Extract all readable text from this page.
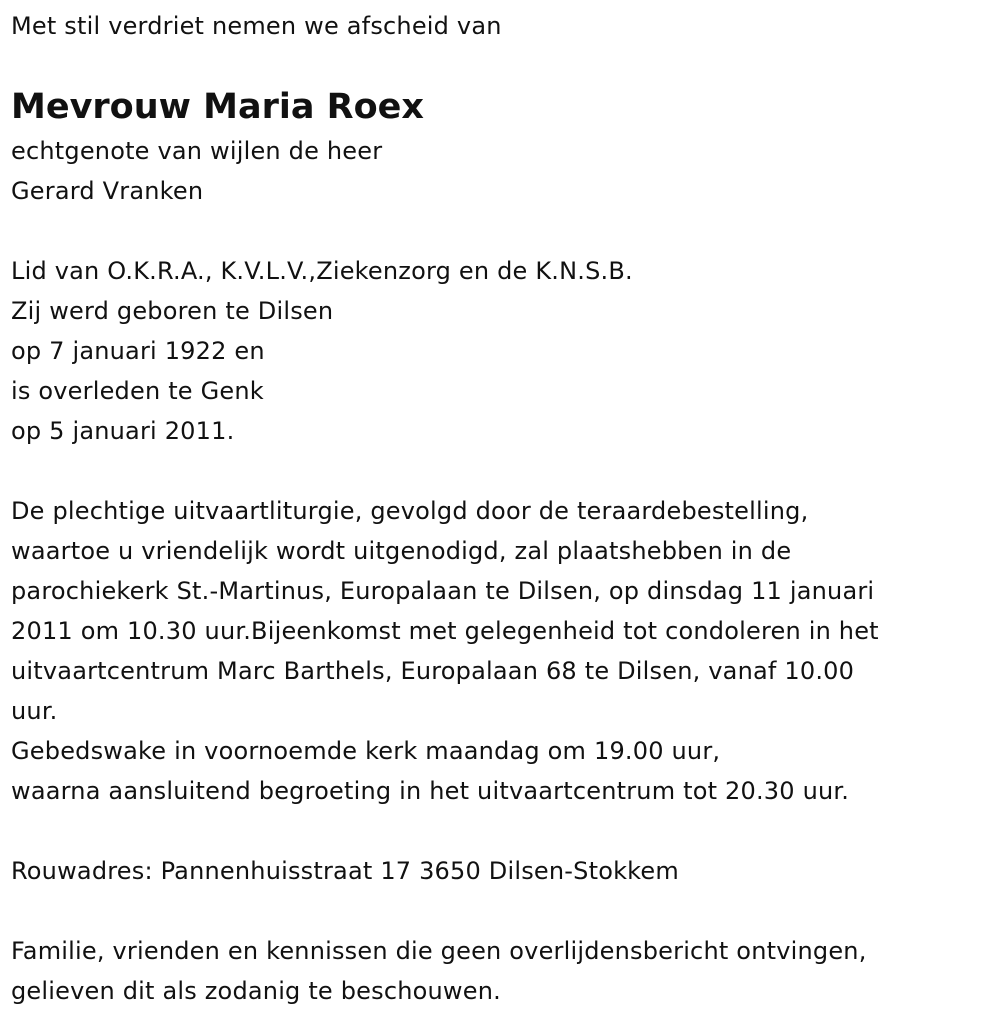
Met stil verdriet nemen we afscheid van
Mevrouw Maria Roex
echtgenote van wijlen de heer
Gerard Vranken
Lid van O.K.R.A., K.V.L.V.,Ziekenzorg en de K.N.S.B.
Zij werd geboren te Dilsen
op 7 januari 1922 en
is overleden te Genk
op 5 januari 2011.
De plechtige uitvaartliturgie, gevolgd door de teraardebestelling,
waartoe u vriendelijk wordt uitgenodigd, zal plaatshebben in de
parochiekerk St.-Martinus, Europalaan te Dilsen, op dinsdag 11 januari
2011 om 10.30 uur.Bijeenkomst met gelegenheid tot condoleren in het
uitvaartcentrum Marc Barthels, Europalaan 68 te Dilsen, vanaf 10.00
uur.
Gebedswake in voornoemde kerk maandag om 19.00 uur,
waarna aansluitend begroeting in het uitvaartcentrum tot 20.30 uur.
Rouwadres: Pannenhuisstraat 17 3650 Dilsen-Stokkem
Familie, vrienden en kennissen die geen overlijdensbericht ontvingen,
gelieven dit als zodanig te beschouwen.
